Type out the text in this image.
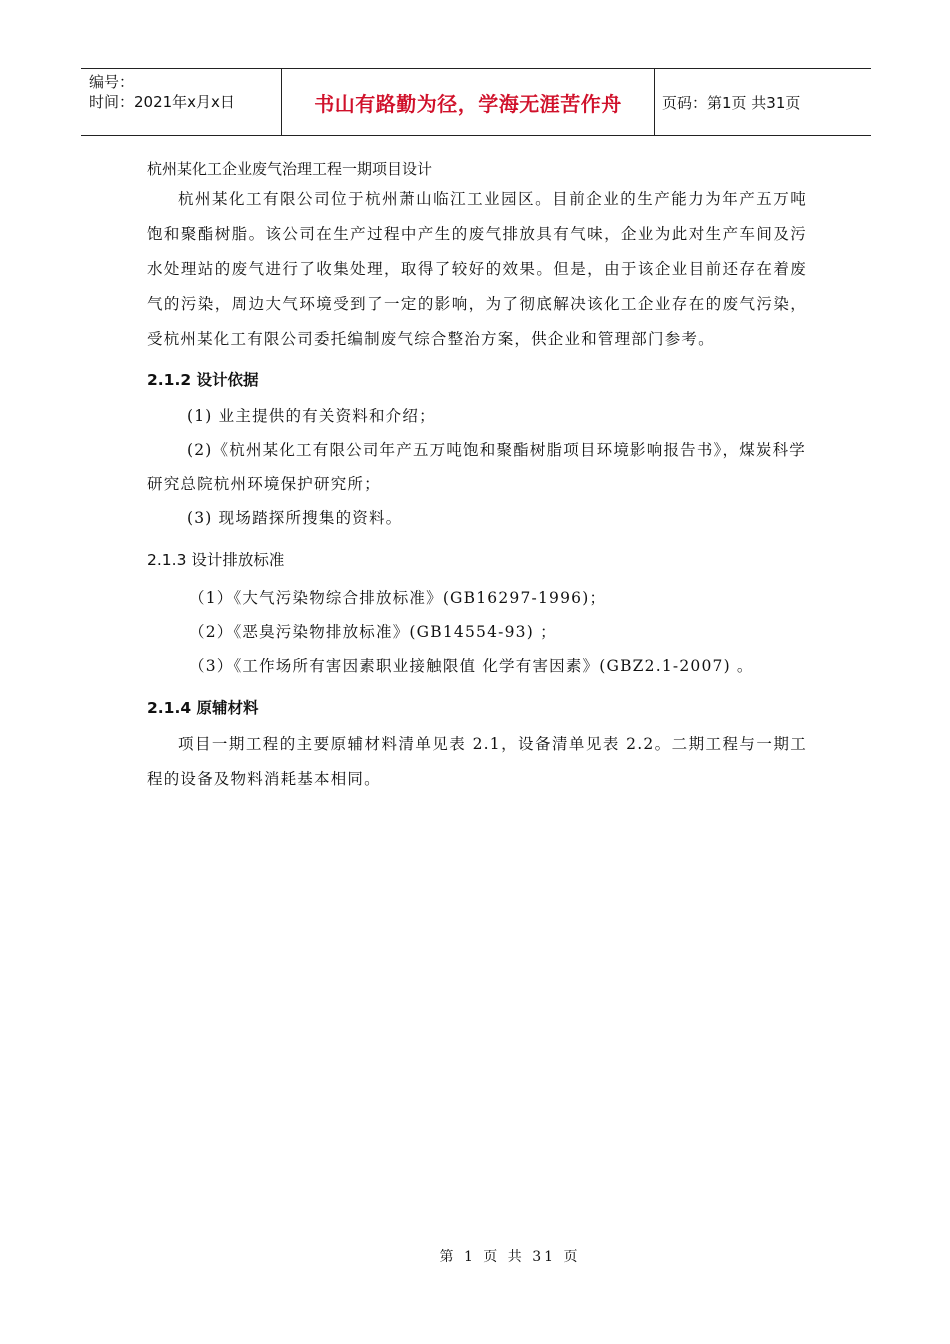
编号：
时间：2021年x月x日	书山有路勤为径，学海无涯苦作舟	页码：第1页 共31页

杭州某化工企业废气治理工程一期项目设计

杭州某化工有限公司位于杭州萧山临江工业园区。目前企业的生产能力为年产五万吨饱和聚酯树脂。该公司在生产过程中产生的废气排放具有气味，企业为此对生产车间及污水处理站的废气进行了收集处理，取得了较好的效果。但是，由于该企业目前还存在着废气的污染，周边大气环境受到了一定的影响，为了彻底解决该化工企业存在的废气污染，受杭州某化工有限公司委托编制废气综合整治方案，供企业和管理部门参考。

2.1.2 设计依据

(1) 业主提供的有关资料和介绍；

(2)《杭州某化工有限公司年产五万吨饱和聚酯树脂项目环境影响报告书》，煤炭科学研究总院杭州环境保护研究所；

(3) 现场踏探所搜集的资料。

2.1.3 设计排放标准

（1）《大气污染物综合排放标准》(GB16297-1996)；

（2）《恶臭污染物排放标准》(GB14554-93) ；

（3）《工作场所有害因素职业接触限值 化学有害因素》(GBZ2.1-2007) 。

2.1.4 原辅材料

项目一期工程的主要原辅材料清单见表 2.1，设备清单见表 2.2。二期工程与一期工程的设备及物料消耗基本相同。

第 1 页 共 31 页
